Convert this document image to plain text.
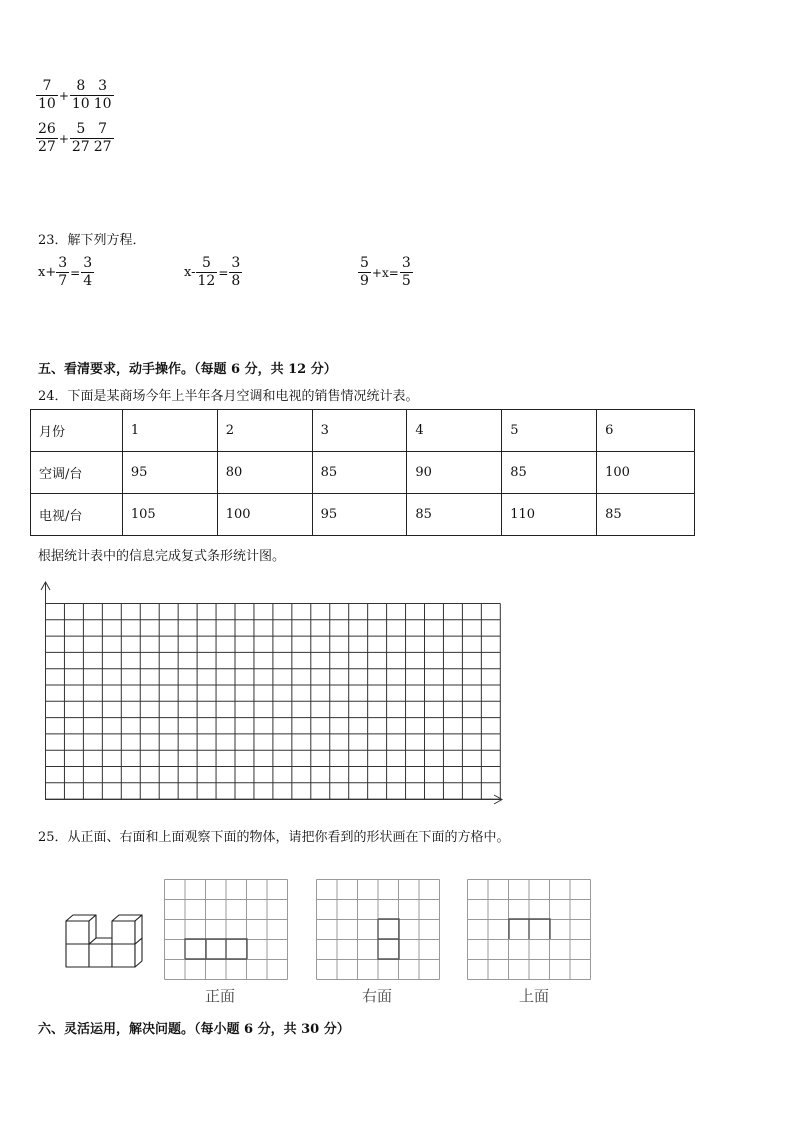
$\frac{7}{10} + \frac{8}{10} \frac{3}{10}$
$\frac{26}{27} + \frac{5}{27} \frac{7}{27}$
23．解下列方程．
$x+ \frac{3}{7} = \frac{3}{4}$	$x- \frac{5}{12} = \frac{3}{8}$	$\frac{5}{9} +x= \frac{3}{5}$
五、看清要求，动手操作。（每题 6 分，共 12 分）
24．下面是某商场今年上半年各月空调和电视的销售情况统计表。
月份	1	2	3	4	5	6
空调/台	95	80	85	90	85	100
电视/台	105	100	95	85	110	85
根据统计表中的信息完成复式条形统计图。
25．从正面、右面和上面观察下面的物体，请把你看到的形状画在下面的方格中。
正面	右面	上面
六、灵活运用，解决问题。（每小题 6 分，共 30 分）
